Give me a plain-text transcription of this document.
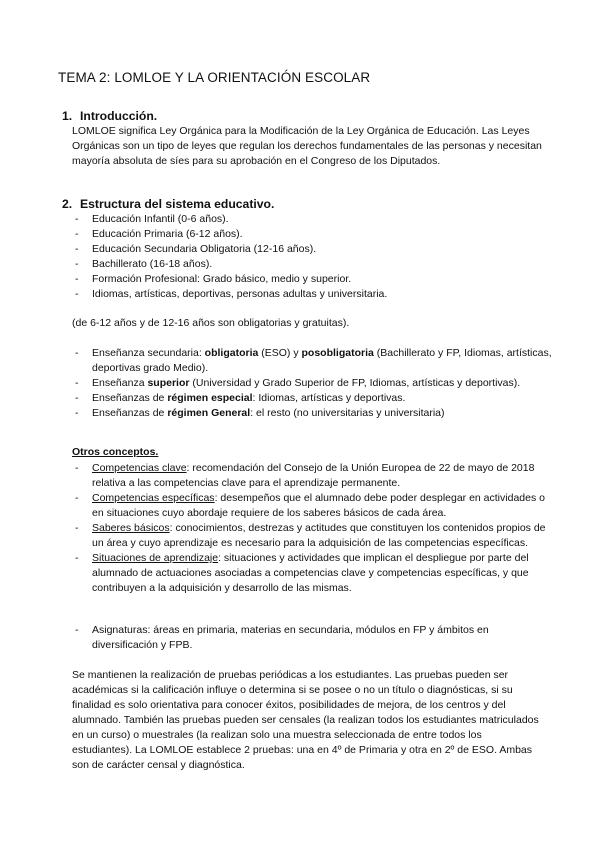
TEMA 2: LOMLOE Y LA ORIENTACIÓN ESCOLAR
1. Introducción.

LOMLOE significa Ley Orgánica para la Modificación de la Ley Orgánica de Educación. Las Leyes Orgánicas son un tipo de leyes que regulan los derechos fundamentales de las personas y necesitan mayoría absoluta de síes para su aprobación en el Congreso de los Diputados.

2. Estructura del sistema educativo.
- Educación Infantil (0-6 años).
- Educación Primaria (6-12 años).
- Educación Secundaria Obligatoria (12-16 años).
- Bachillerato (16-18 años).
- Formación Profesional: Grado básico, medio y superior.
- Idiomas, artísticas, deportivas, personas adultas y universitaria.

(de 6-12 años y de 12-16 años son obligatorias y gratuitas).

- Enseñanza secundaria: obligatoria (ESO) y posobligatoria (Bachillerato y FP, Idiomas, artísticas, deportivas grado Medio).
- Enseñanza superior (Universidad y Grado Superior de FP, Idiomas, artísticas y deportivas).
- Enseñanzas de régimen especial: Idiomas, artísticas y deportivas.
- Enseñanzas de régimen General: el resto (no universitarias y universitaria)

Otros conceptos.

- Competencias clave: recomendación del Consejo de la Unión Europea de 22 de mayo de 2018 relativa a las competencias clave para el aprendizaje permanente.
- Competencias específicas: desempeños que el alumnado debe poder desplegar en actividades o en situaciones cuyo abordaje requiere de los saberes básicos de cada área.
- Saberes básicos: conocimientos, destrezas y actitudes que constituyen los contenidos propios de un área y cuyo aprendizaje es necesario para la adquisición de las competencias específicas.
- Situaciones de aprendizaje: situaciones y actividades que implican el despliegue por parte del alumnado de actuaciones asociadas a competencias clave y competencias específicas, y que contribuyen a la adquisición y desarrollo de las mismas.
- Asignaturas: áreas en primaria, materias en secundaria, módulos en FP y ámbitos en diversificación y FPB.

Se mantienen la realización de pruebas periódicas a los estudiantes. Las pruebas pueden ser académicas si la calificación influye o determina si se posee o no un título o diagnósticas, si su finalidad es solo orientativa para conocer éxitos, posibilidades de mejora, de los centros y del alumnado. También las pruebas pueden ser censales (la realizan todos los estudiantes matriculados en un curso) o muestrales (la realizan solo una muestra seleccionada de entre todos los estudiantes). La LOMLOE establece 2 pruebas: una en 4º de Primaria y otra en 2º de ESO. Ambas son de carácter censal y diagnóstica.
